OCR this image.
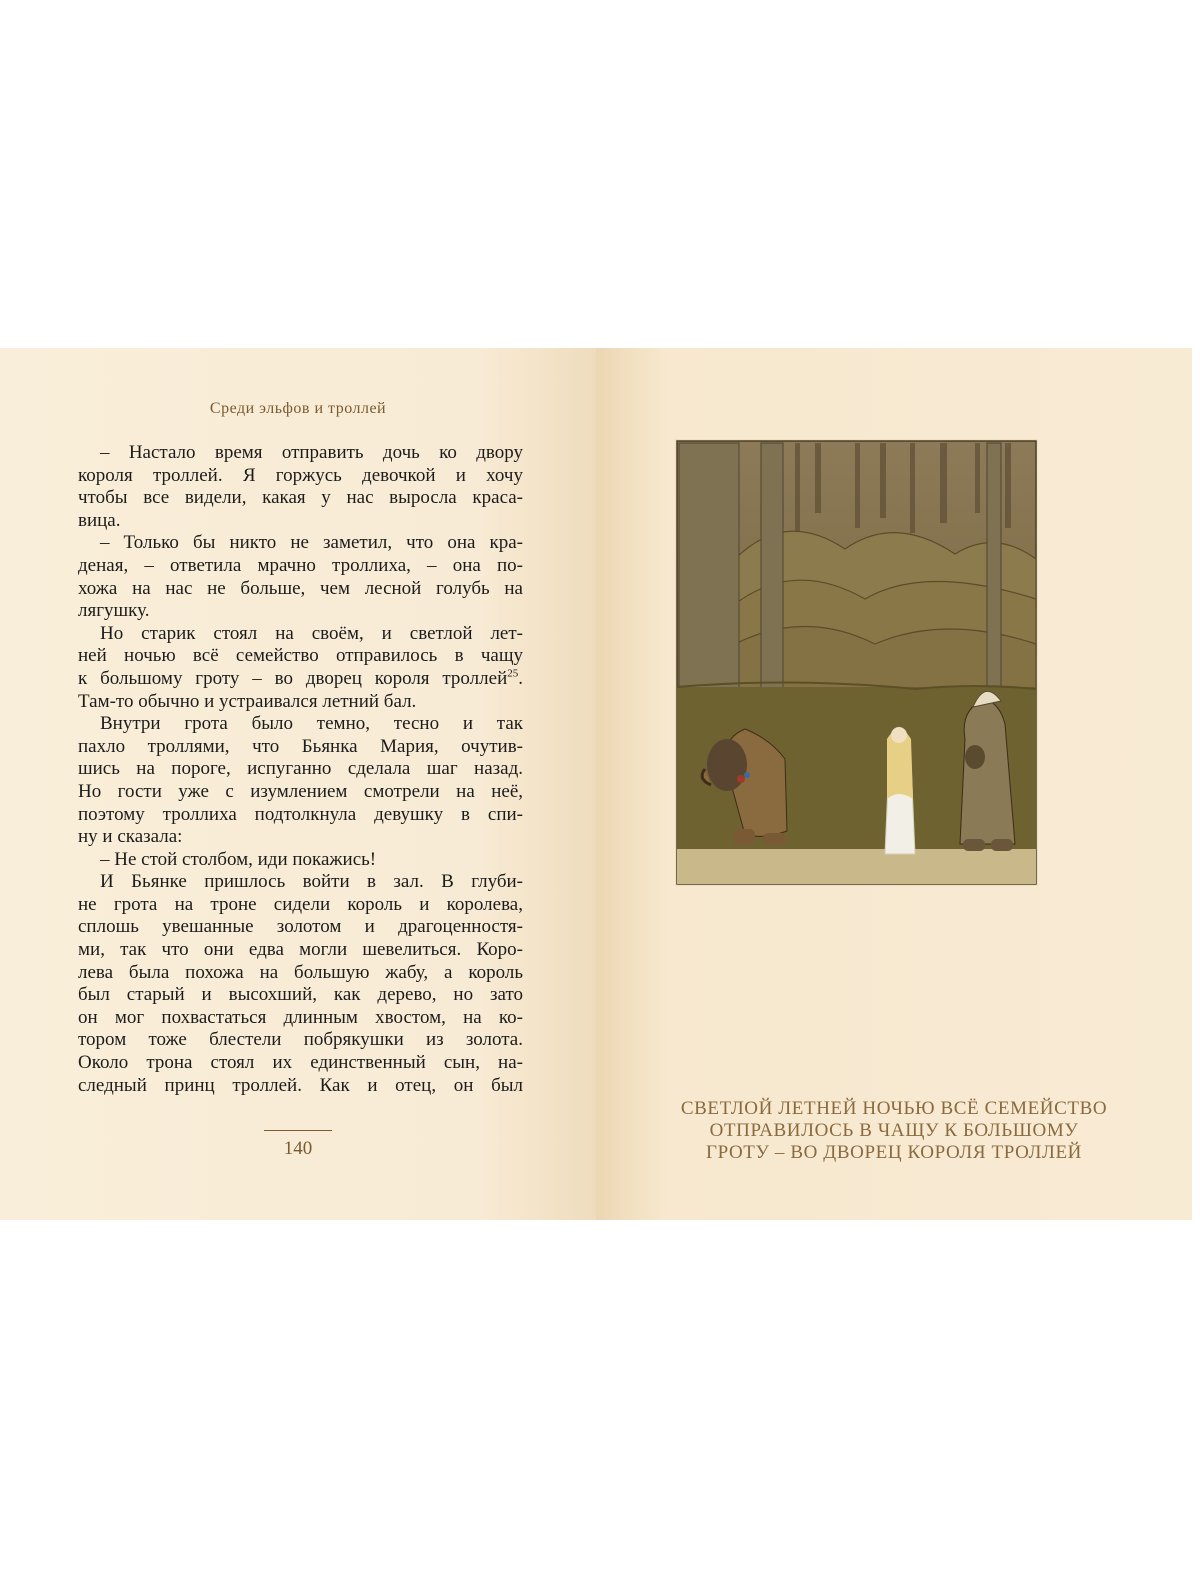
Среди эльфов и троллей
– Настало время отправить дочь ко двору
короля троллей. Я горжусь девочкой и хочу
чтобы все видели, какая у нас выросла краса-
вица.
– Только бы никто не заметил, что она кра-
деная, – ответила мрачно троллиха, – она по-
хожа на нас не больше, чем лесной голубь на
лягушку.
Но старик стоял на своём, и светлой лет-
ней ночью всё семейство отправилось в чащу
к большому гроту – во дворец короля троллей$^{25}$.
Там-то обычно и устраивался летний бал.
Внутри грота было темно, тесно и так
пахло троллями, что Бьянка Мария, очутив-
шись на пороге, испуганно сделала шаг назад.
Но гости уже с изумлением смотрели на неё,
поэтому троллиха подтолкнула девушку в спи-
ну и сказала:
– Не стой столбом, иди покажись!
И Бьянке пришлось войти в зал. В глуби-
не грота на троне сидели король и королева,
сплошь увешанные золотом и драгоценностя-
ми, так что они едва могли шевелиться. Коро-
лева была похожа на большую жабу, а король
был старый и высохший, как дерево, но зато
он мог похвастаться длинным хвостом, на ко-
тором тоже блестели побрякушки из золота.
Около трона стоял их единственный сын, на-
следный принц троллей. Как и отец, он был
140
СВЕТЛОЙ ЛЕТНЕЙ НОЧЬЮ ВСЁ СЕМЕЙСТВО
ОТПРАВИЛОСЬ В ЧАЩУ К БОЛЬШОМУ
ГРОТУ – ВО ДВОРЕЦ КОРОЛЯ ТРОЛЛЕЙ
